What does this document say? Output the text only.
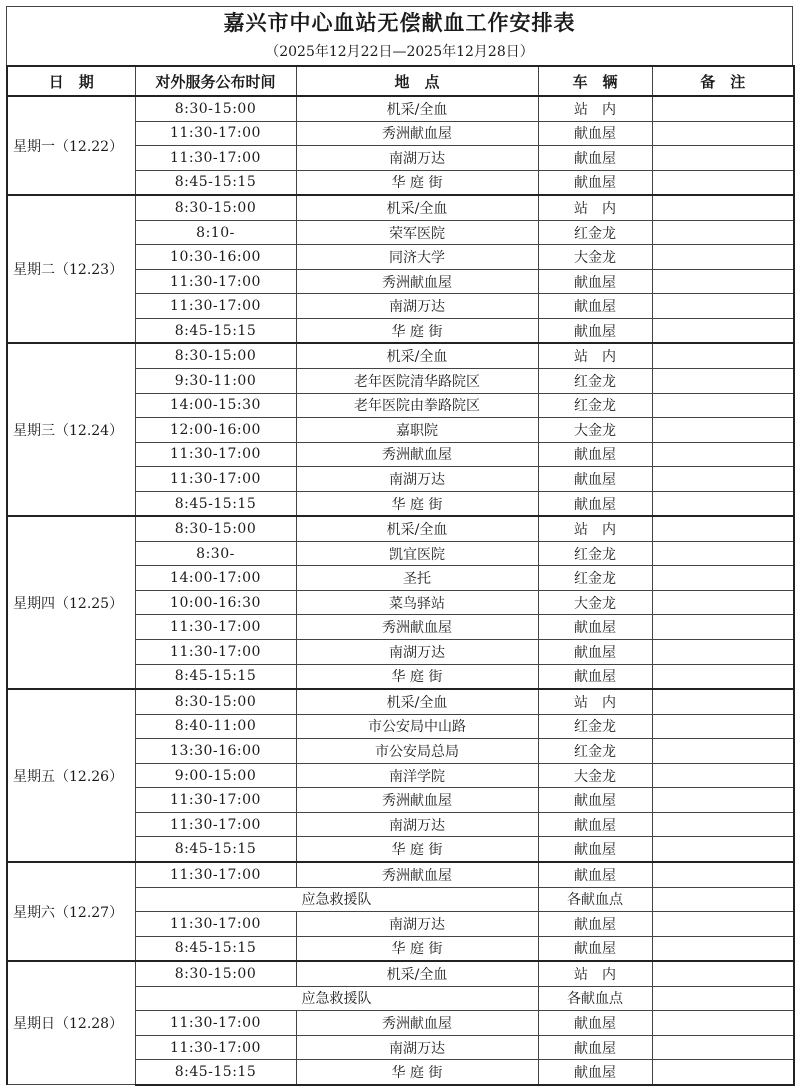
嘉兴市中心血站无偿献血工作安排表
（2025年12月22日—2025年12月28日）
日　期	对外服务公布时间	地　点	车　辆	备　注
星期一（12.22）	8:30-15:00	机采/全血	站　内	
	11:30-17:00	秀洲献血屋	献血屋	
	11:30-17:00	南湖万达	献血屋	
	8:45-15:15	华 庭 街	献血屋	
星期二（12.23）	8:30-15:00	机采/全血	站　内	
	8:10-	荣军医院	红金龙	
	10:30-16:00	同济大学	大金龙	
	11:30-17:00	秀洲献血屋	献血屋	
	11:30-17:00	南湖万达	献血屋	
	8:45-15:15	华 庭 街	献血屋	
星期三（12.24）	8:30-15:00	机采/全血	站　内	
	9:30-11:00	老年医院清华路院区	红金龙	
	14:00-15:30	老年医院由拳路院区	红金龙	
	12:00-16:00	嘉职院	大金龙	
	11:30-17:00	秀洲献血屋	献血屋	
	11:30-17:00	南湖万达	献血屋	
	8:45-15:15	华 庭 街	献血屋	
星期四（12.25）	8:30-15:00	机采/全血	站　内	
	8:30-	凯宜医院	红金龙	
	14:00-17:00	圣托	红金龙	
	10:00-16:30	菜鸟驿站	大金龙	
	11:30-17:00	秀洲献血屋	献血屋	
	11:30-17:00	南湖万达	献血屋	
	8:45-15:15	华 庭 街	献血屋	
星期五（12.26）	8:30-15:00	机采/全血	站　内	
	8:40-11:00	市公安局中山路	红金龙	
	13:30-16:00	市公安局总局	红金龙	
	9:00-15:00	南洋学院	大金龙	
	11:30-17:00	秀洲献血屋	献血屋	
	11:30-17:00	南湖万达	献血屋	
	8:45-15:15	华 庭 街	献血屋	
星期六（12.27）	11:30-17:00	秀洲献血屋	献血屋	
	应急救援队		各献血点	
	11:30-17:00	南湖万达	献血屋	
	8:45-15:15	华 庭 街	献血屋	
星期日（12.28）	8:30-15:00	机采/全血	站　内	
	应急救援队		各献血点	
	11:30-17:00	秀洲献血屋	献血屋	
	11:30-17:00	南湖万达	献血屋	
	8:45-15:15	华 庭 街	献血屋	
